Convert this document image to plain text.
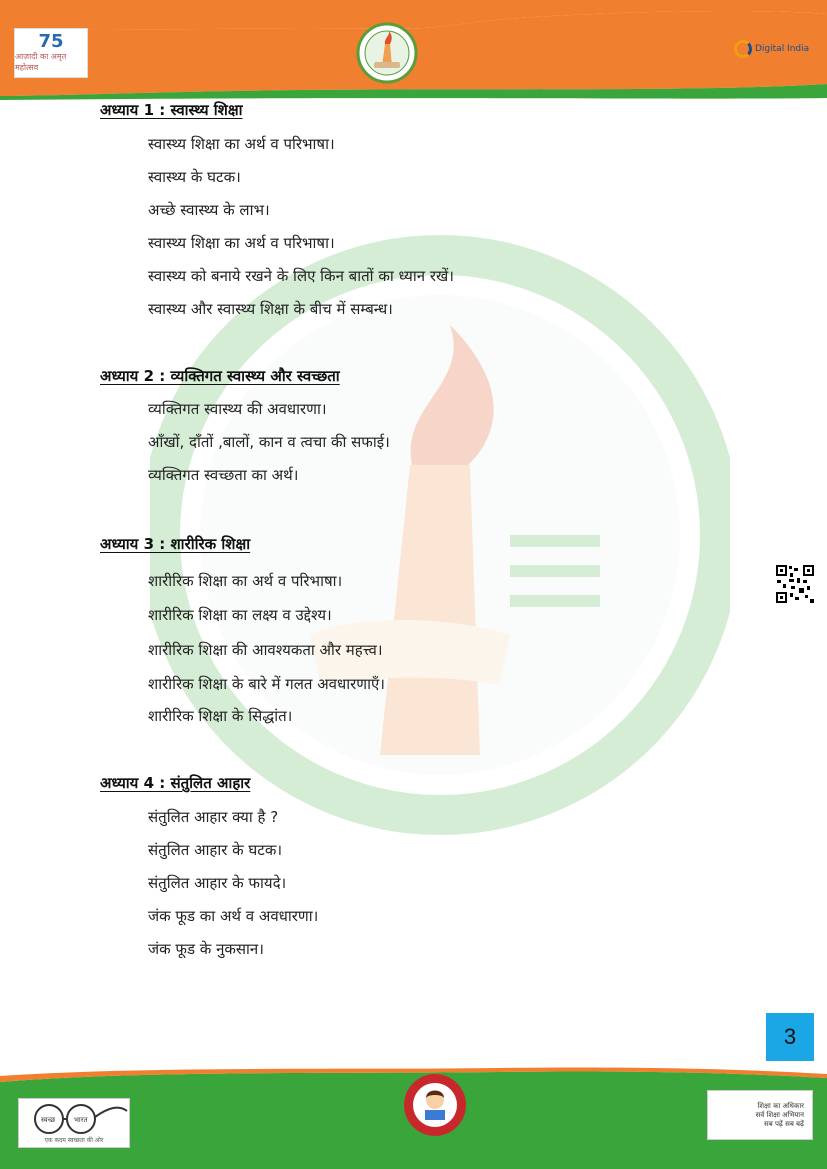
75
आज़ादी का अमृत महोत्सव
Digital India
अध्याय 1 : स्वास्थ्य शिक्षा
स्वास्थ्य शिक्षा का अर्थ व परिभाषा।
स्वास्थ्य के घटक।
अच्छे स्वास्थ्य के लाभ।
स्वास्थ्य शिक्षा का अर्थ व परिभाषा।
स्वास्थ्य को बनाये रखने के लिए किन बातों का ध्यान रखें।
स्वास्थ्य और स्वास्थ्य शिक्षा के बीच में सम्बन्ध।
अध्याय 2 : व्यक्तिगत स्वास्थ्य और स्वच्छता
व्यक्तिगत स्वास्थ्य की अवधारणा।
आँखों, दाँतों ,बालों, कान व त्वचा की सफाई।
व्यक्तिगत स्वच्छता का अर्थ।
अध्याय 3 : शारीरिक शिक्षा
शारीरिक शिक्षा का अर्थ व परिभाषा।
शारीरिक शिक्षा का लक्ष्य व उद्देश्य।
शारीरिक शिक्षा की आवश्यकता और महत्त्व।
शारीरिक शिक्षा के बारे में गलत अवधारणाएँ।
शारीरिक शिक्षा के सिद्धांत।
अध्याय 4 : संतुलित आहार
संतुलित आहार क्या है ?
संतुलित आहार के घटक।
संतुलित आहार के फायदे।
जंक फूड का अर्थ व अवधारणा।
जंक फूड के नुकसान।
3
स्वच्छ	भारत
एक कदम स्वच्छता की ओर
शिक्षा का अधिकार
सर्व शिक्षा अभियान
सब पढ़ें सब बढ़ें
